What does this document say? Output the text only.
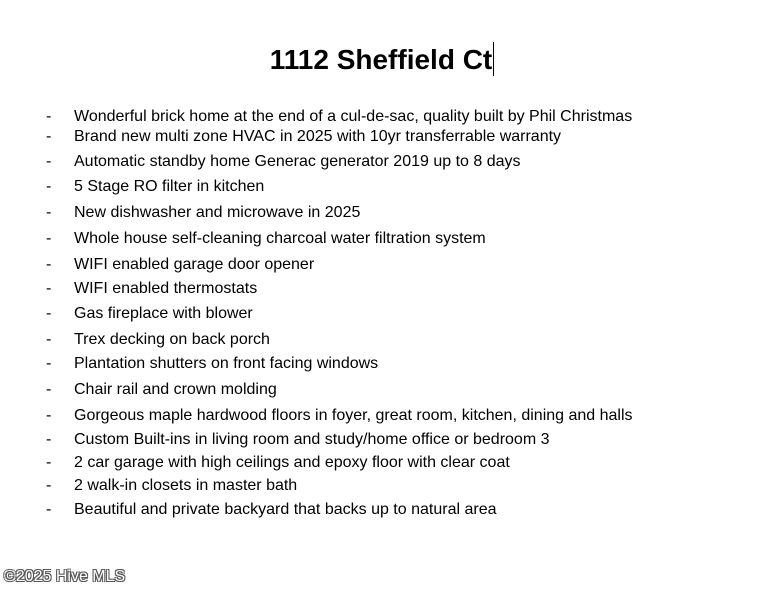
1112 Sheffield Ct
- Wonderful brick home at the end of a cul-de-sac, quality built by Phil Christmas
- Brand new multi zone HVAC in 2025 with 10yr transferrable warranty
- Automatic standby home Generac generator 2019 up to 8 days
- 5 Stage RO filter in kitchen
- New dishwasher and microwave in 2025
- Whole house self-cleaning charcoal water filtration system
- WIFI enabled garage door opener
- WIFI enabled thermostats
- Gas fireplace with blower
- Trex decking on back porch
- Plantation shutters on front facing windows
- Chair rail and crown molding
- Gorgeous maple hardwood floors in foyer, great room, kitchen, dining and halls
- Custom Built-ins in living room and study/home office or bedroom 3
- 2 car garage with high ceilings and epoxy floor with clear coat
- 2 walk-in closets in master bath
- Beautiful and private backyard that backs up to natural area
©2025 Hive MLS
